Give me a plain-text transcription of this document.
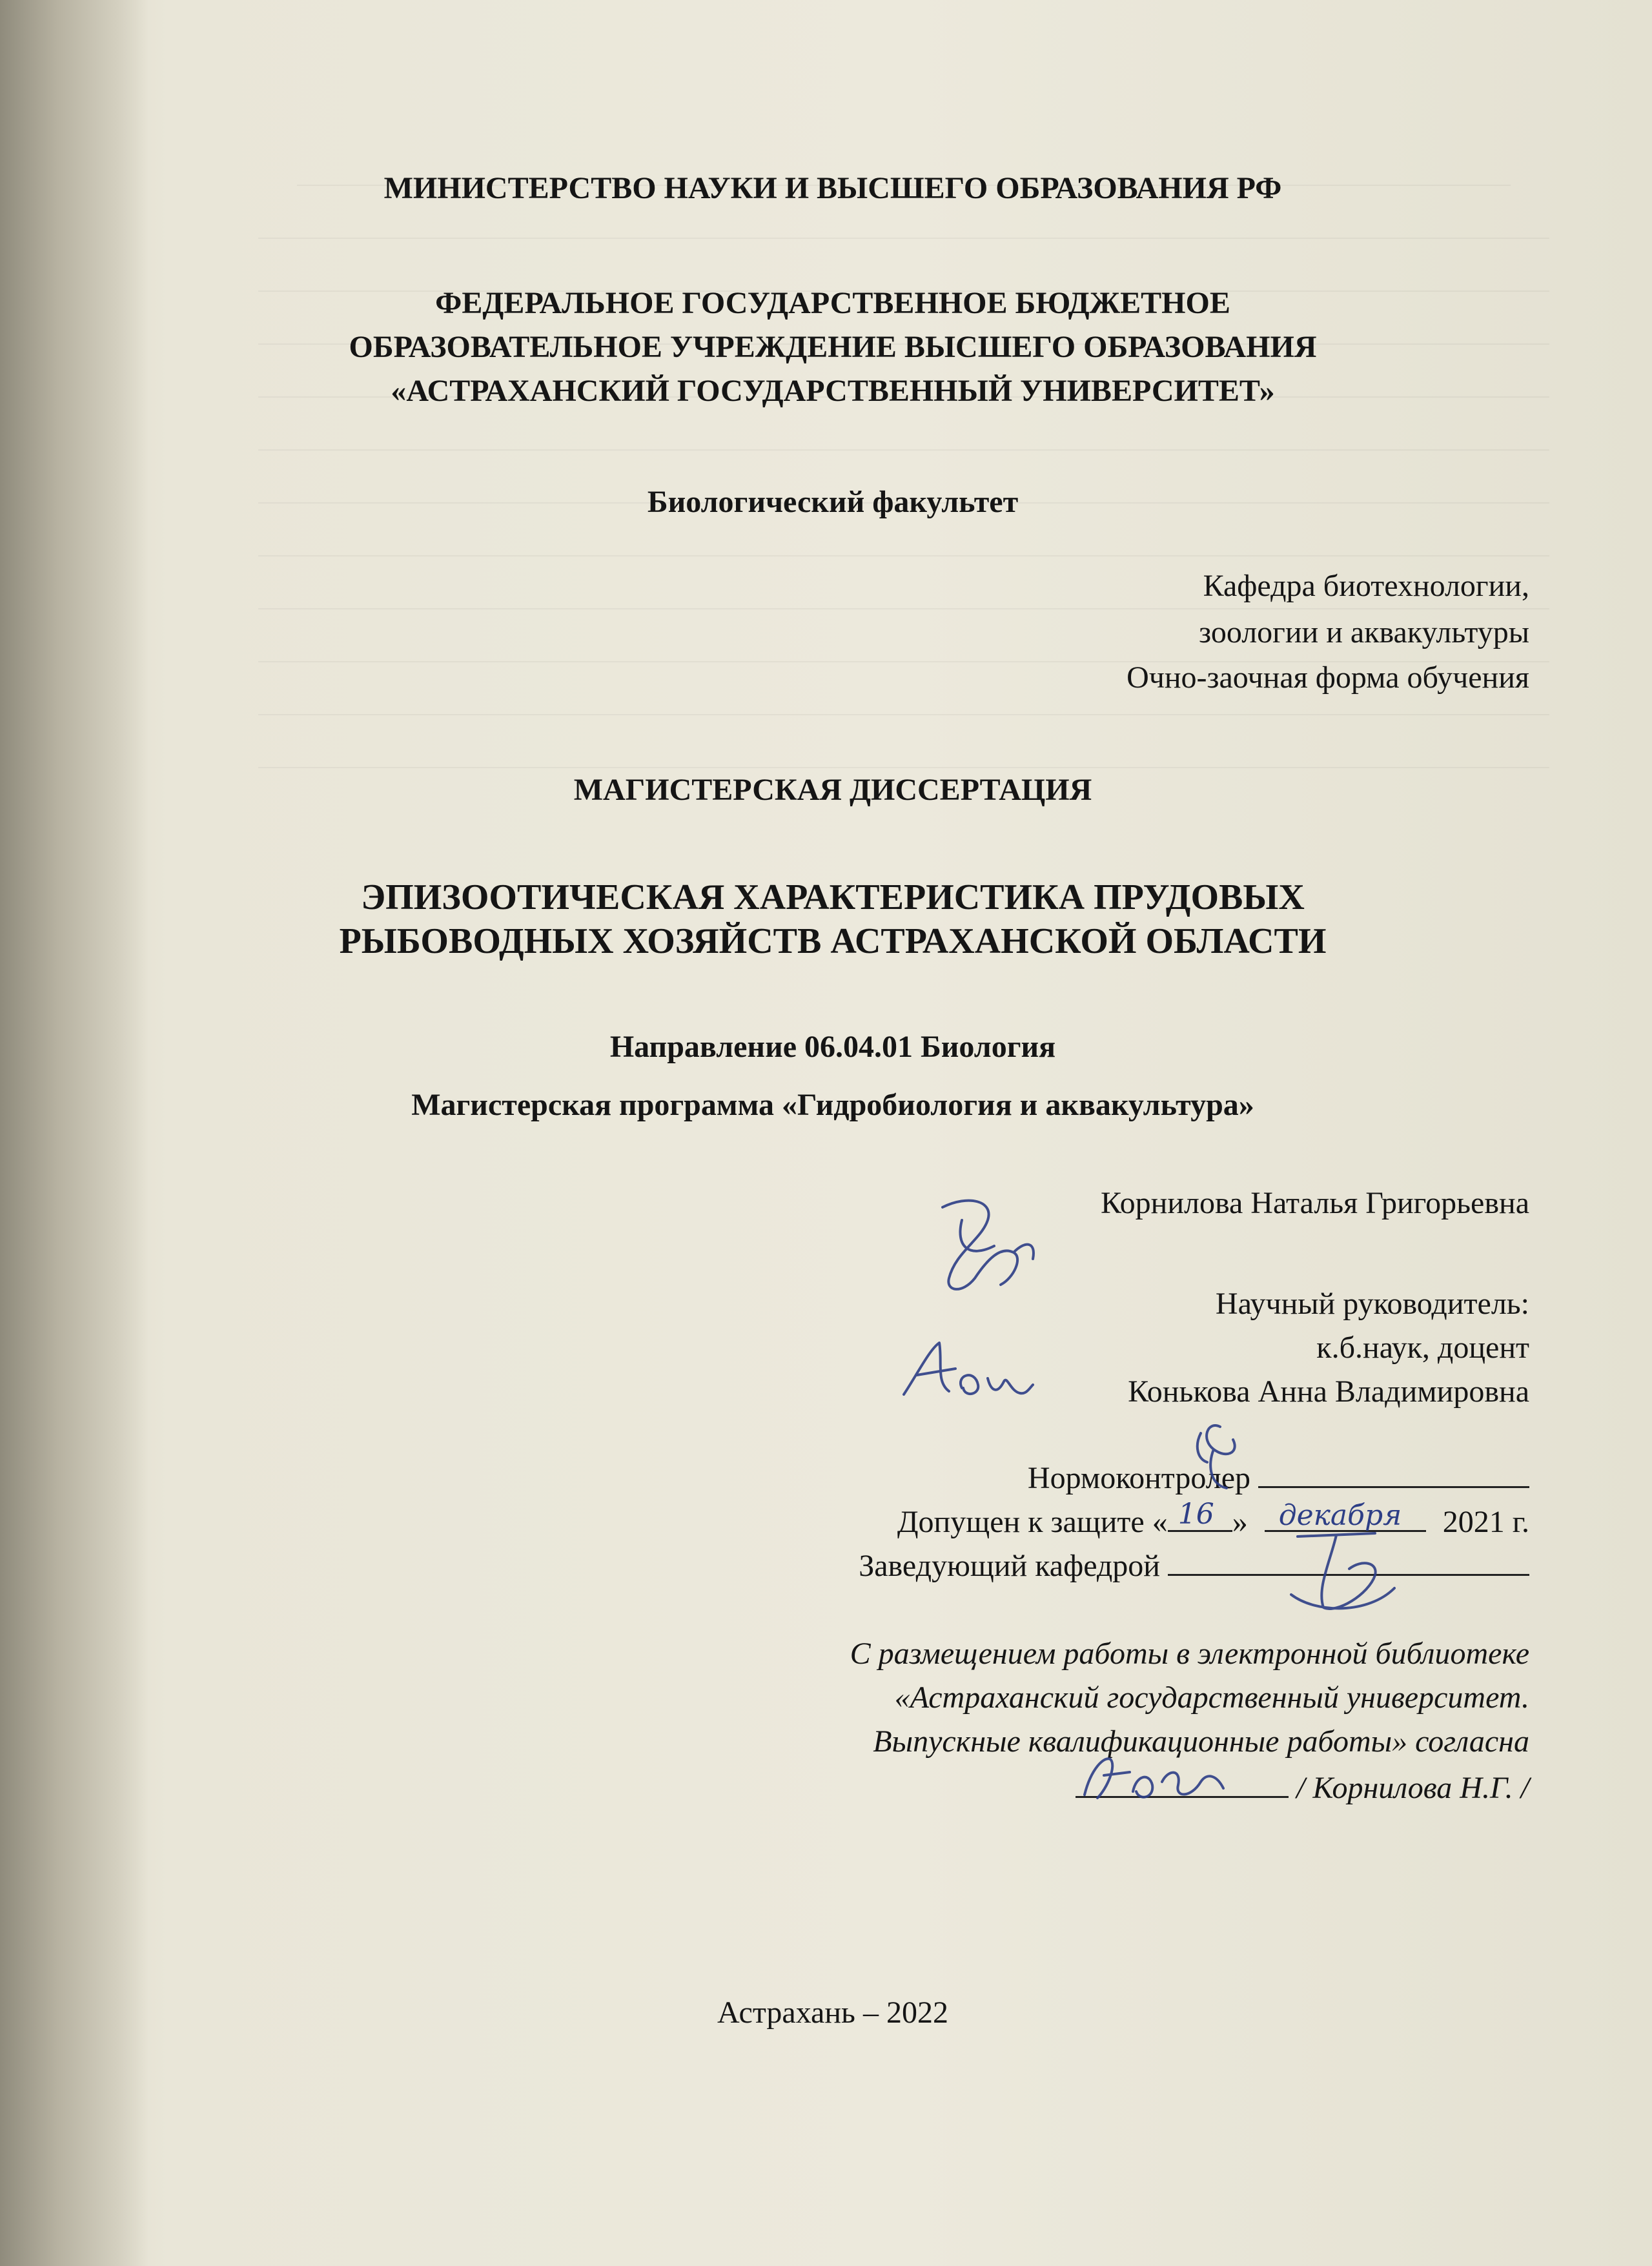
МИНИСТЕРСТВО НАУКИ И ВЫСШЕГО ОБРАЗОВАНИЯ РФ
ФЕДЕРАЛЬНОЕ ГОСУДАРСТВЕННОЕ БЮДЖЕТНОЕ
ОБРАЗОВАТЕЛЬНОЕ УЧРЕЖДЕНИЕ ВЫСШЕГО ОБРАЗОВАНИЯ
«АСТРАХАНСКИЙ ГОСУДАРСТВЕННЫЙ УНИВЕРСИТЕТ»
Биологический факультет
Кафедра биотехнологии,
зоологии и аквакультуры
Очно-заочная форма обучения
МАГИСТЕРСКАЯ ДИССЕРТАЦИЯ
ЭПИЗООТИЧЕСКАЯ ХАРАКТЕРИСТИКА ПРУДОВЫХ
РЫБОВОДНЫХ ХОЗЯЙСТВ АСТРАХАНСКОЙ ОБЛАСТИ
Направление 06.04.01 Биология
Магистерская программа «Гидробиология и аквакультура»
Корнилова Наталья Григорьевна
Научный руководитель:
к.б.наук, доцент
Конькова Анна Владимировна
Нормоконтролер
Допущен к защите « 16 » декабря 2021 г.
Заведующий кафедрой
С размещением работы в электронной библиотеке
«Астраханский государственный университет.
Выпускные квалификационные работы» согласна
/ Корнилова Н.Г. /
Астрахань – 2022
